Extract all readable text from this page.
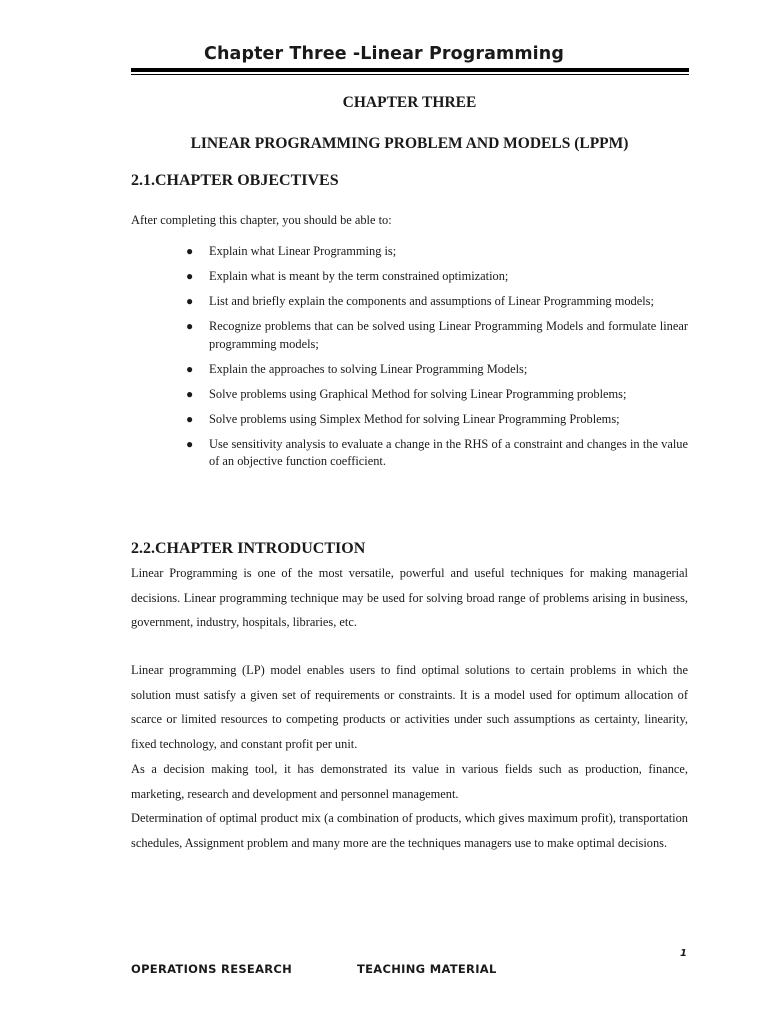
Chapter Three -Linear Programming
CHAPTER THREE
LINEAR PROGRAMMING PROBLEM AND MODELS (LPPM)
2.1.CHAPTER OBJECTIVES
After completing this chapter, you should be able to:
● Explain what Linear Programming is;
● Explain what is meant by the term constrained optimization;
● List and briefly explain the components and assumptions of Linear Programming models;
● Recognize problems that can be solved using Linear Programming Models and formulate linear programming models;
● Explain the approaches to solving Linear Programming Models;
● Solve problems using Graphical Method for solving Linear Programming problems;
● Solve problems using Simplex Method for solving Linear Programming Problems;
● Use sensitivity analysis to evaluate a change in the RHS of a constraint and changes in the value of an objective function coefficient.
2.2.CHAPTER INTRODUCTION
Linear Programming is one of the most versatile, powerful and useful techniques for making managerial decisions. Linear programming technique may be used for solving broad range of problems arising in business, government, industry, hospitals, libraries, etc.
Linear programming (LP) model enables users to find optimal solutions to certain problems in which the solution must satisfy a given set of requirements or constraints. It is a model used for optimum allocation of scarce or limited resources to competing products or activities under such assumptions as certainty, linearity, fixed technology, and constant profit per unit.
As a decision making tool, it has demonstrated its value in various fields such as production, finance, marketing, research and development and personnel management.
Determination of optimal product mix (a combination of products, which gives maximum profit), transportation schedules, Assignment problem and many more are the techniques managers use to make optimal decisions.
1
OPERATIONS RESEARCH	TEACHING MATERIAL
